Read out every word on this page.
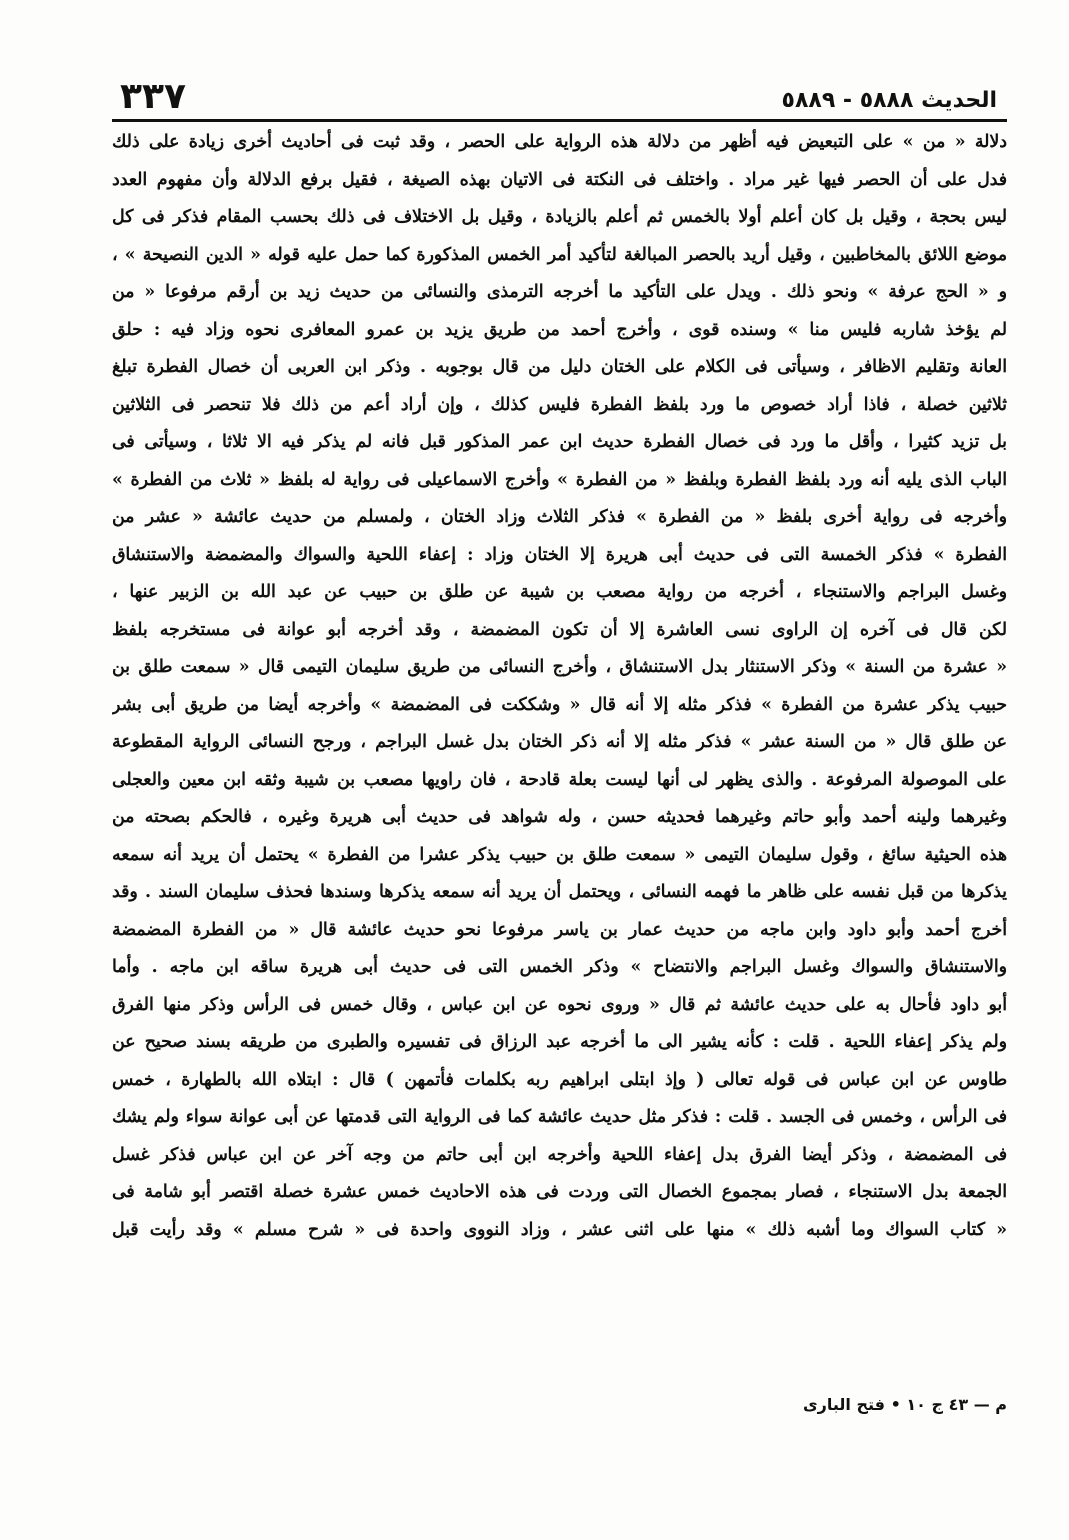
الحديث ٥٨٨٨ - ٥٨٨٩
٣٣٧
دلالة « من » على التبعيض فيه أظهر من دلالة هذه الرواية على الحصر ، وقد ثبت فى أحاديث أخرى زيادة على ذلك
فدل على أن الحصر فيها غير مراد . واختلف فى النكتة فى الاتيان بهذه الصيغة ، فقيل برفع الدلالة وأن مفهوم العدد
ليس بحجة ، وقيل بل كان أعلم أولا بالخمس ثم أعلم بالزيادة ، وقيل بل الاختلاف فى ذلك بحسب المقام فذكر فى كل
موضع اللائق بالمخاطبين ، وقيل أريد بالحصر المبالغة لتأكيد أمر الخمس المذكورة كما حمل عليه قوله « الدين النصيحة » ،
و « الحج عرفة » ونحو ذلك . ويدل على التأكيد ما أخرجه الترمذى والنسائى من حديث زيد بن أرقم مرفوعا « من
لم يؤخذ شاربه فليس منا » وسنده قوى ، وأخرج أحمد من طريق يزيد بن عمرو المعافرى نحوه وزاد فيه : حلق
العانة وتقليم الاظافر ، وسيأتى فى الكلام على الختان دليل من قال بوجوبه . وذكر ابن العربى أن خصال الفطرة تبلغ
ثلاثين خصلة ، فاذا أراد خصوص ما ورد بلفظ الفطرة فليس كذلك ، وإن أراد أعم من ذلك فلا تنحصر فى الثلاثين
بل تزيد كثيرا ، وأقل ما ورد فى خصال الفطرة حديث ابن عمر المذكور قبل فانه لم يذكر فيه الا ثلاثا ، وسيأتى فى
الباب الذى يليه أنه ورد بلفظ الفطرة وبلفظ « من الفطرة » وأخرج الاسماعيلى فى رواية له بلفظ « ثلاث من الفطرة »
وأخرجه فى رواية أخرى بلفظ « من الفطرة » فذكر الثلاث وزاد الختان ، ولمسلم من حديث عائشة « عشر من
الفطرة » فذكر الخمسة التى فى حديث أبى هريرة إلا الختان وزاد : إعفاء اللحية والسواك والمضمضة والاستنشاق
وغسل البراجم والاستنجاء ، أخرجه من رواية مصعب بن شيبة عن طلق بن حبيب عن عبد الله بن الزبير عنها ،
لكن قال فى آخره إن الراوى نسى العاشرة إلا أن تكون المضمضة ، وقد أخرجه أبو عوانة فى مستخرجه بلفظ
« عشرة من السنة » وذكر الاستنثار بدل الاستنشاق ، وأخرج النسائى من طريق سليمان التيمى قال « سمعت طلق بن
حبيب يذكر عشرة من الفطرة » فذكر مثله إلا أنه قال « وشككت فى المضمضة » وأخرجه أيضا من طريق أبى بشر
عن طلق قال « من السنة عشر » فذكر مثله إلا أنه ذكر الختان بدل غسل البراجم ، ورجح النسائى الرواية المقطوعة
على الموصولة المرفوعة . والذى يظهر لى أنها ليست بعلة قادحة ، فان راويها مصعب بن شيبة وثقه ابن معين والعجلى
وغيرهما ولينه أحمد وأبو حاتم وغيرهما فحديثه حسن ، وله شواهد فى حديث أبى هريرة وغيره ، فالحكم بصحته من
هذه الحيثية سائغ ، وقول سليمان التيمى « سمعت طلق بن حبيب يذكر عشرا من الفطرة » يحتمل أن يريد أنه سمعه
يذكرها من قبل نفسه على ظاهر ما فهمه النسائى ، ويحتمل أن يريد أنه سمعه يذكرها وسندها فحذف سليمان السند . وقد
أخرج أحمد وأبو داود وابن ماجه من حديث عمار بن ياسر مرفوعا نحو حديث عائشة قال « من الفطرة المضمضة
والاستنشاق والسواك وغسل البراجم والانتضاح » وذكر الخمس التى فى حديث أبى هريرة ساقه ابن ماجه . وأما
أبو داود فأحال به على حديث عائشة ثم قال « وروى نحوه عن ابن عباس ، وقال خمس فى الرأس وذكر منها الفرق
ولم يذكر إعفاء اللحية . قلت : كأنه يشير الى ما أخرجه عبد الرزاق فى تفسيره والطبرى من طريقه بسند صحيح عن
طاوس عن ابن عباس فى قوله تعالى ( وإذ ابتلى ابراهيم ربه بكلمات فأتمهن ) قال : ابتلاه الله بالطهارة ، خمس
فى الرأس ، وخمس فى الجسد . قلت : فذكر مثل حديث عائشة كما فى الرواية التى قدمتها عن أبى عوانة سواء ولم يشك
فى المضمضة ، وذكر أيضا الفرق بدل إعفاء اللحية وأخرجه ابن أبى حاتم من وجه آخر عن ابن عباس فذكر غسل
الجمعة بدل الاستنجاء ، فصار بمجموع الخصال التى وردت فى هذه الاحاديث خمس عشرة خصلة اقتصر أبو شامة فى
« كتاب السواك وما أشبه ذلك » منها على اثنى عشر ، وزاد النووى واحدة فى « شرح مسلم » وقد رأيت قبل
م — ٤٣ ج ١٠ • فتح البارى
